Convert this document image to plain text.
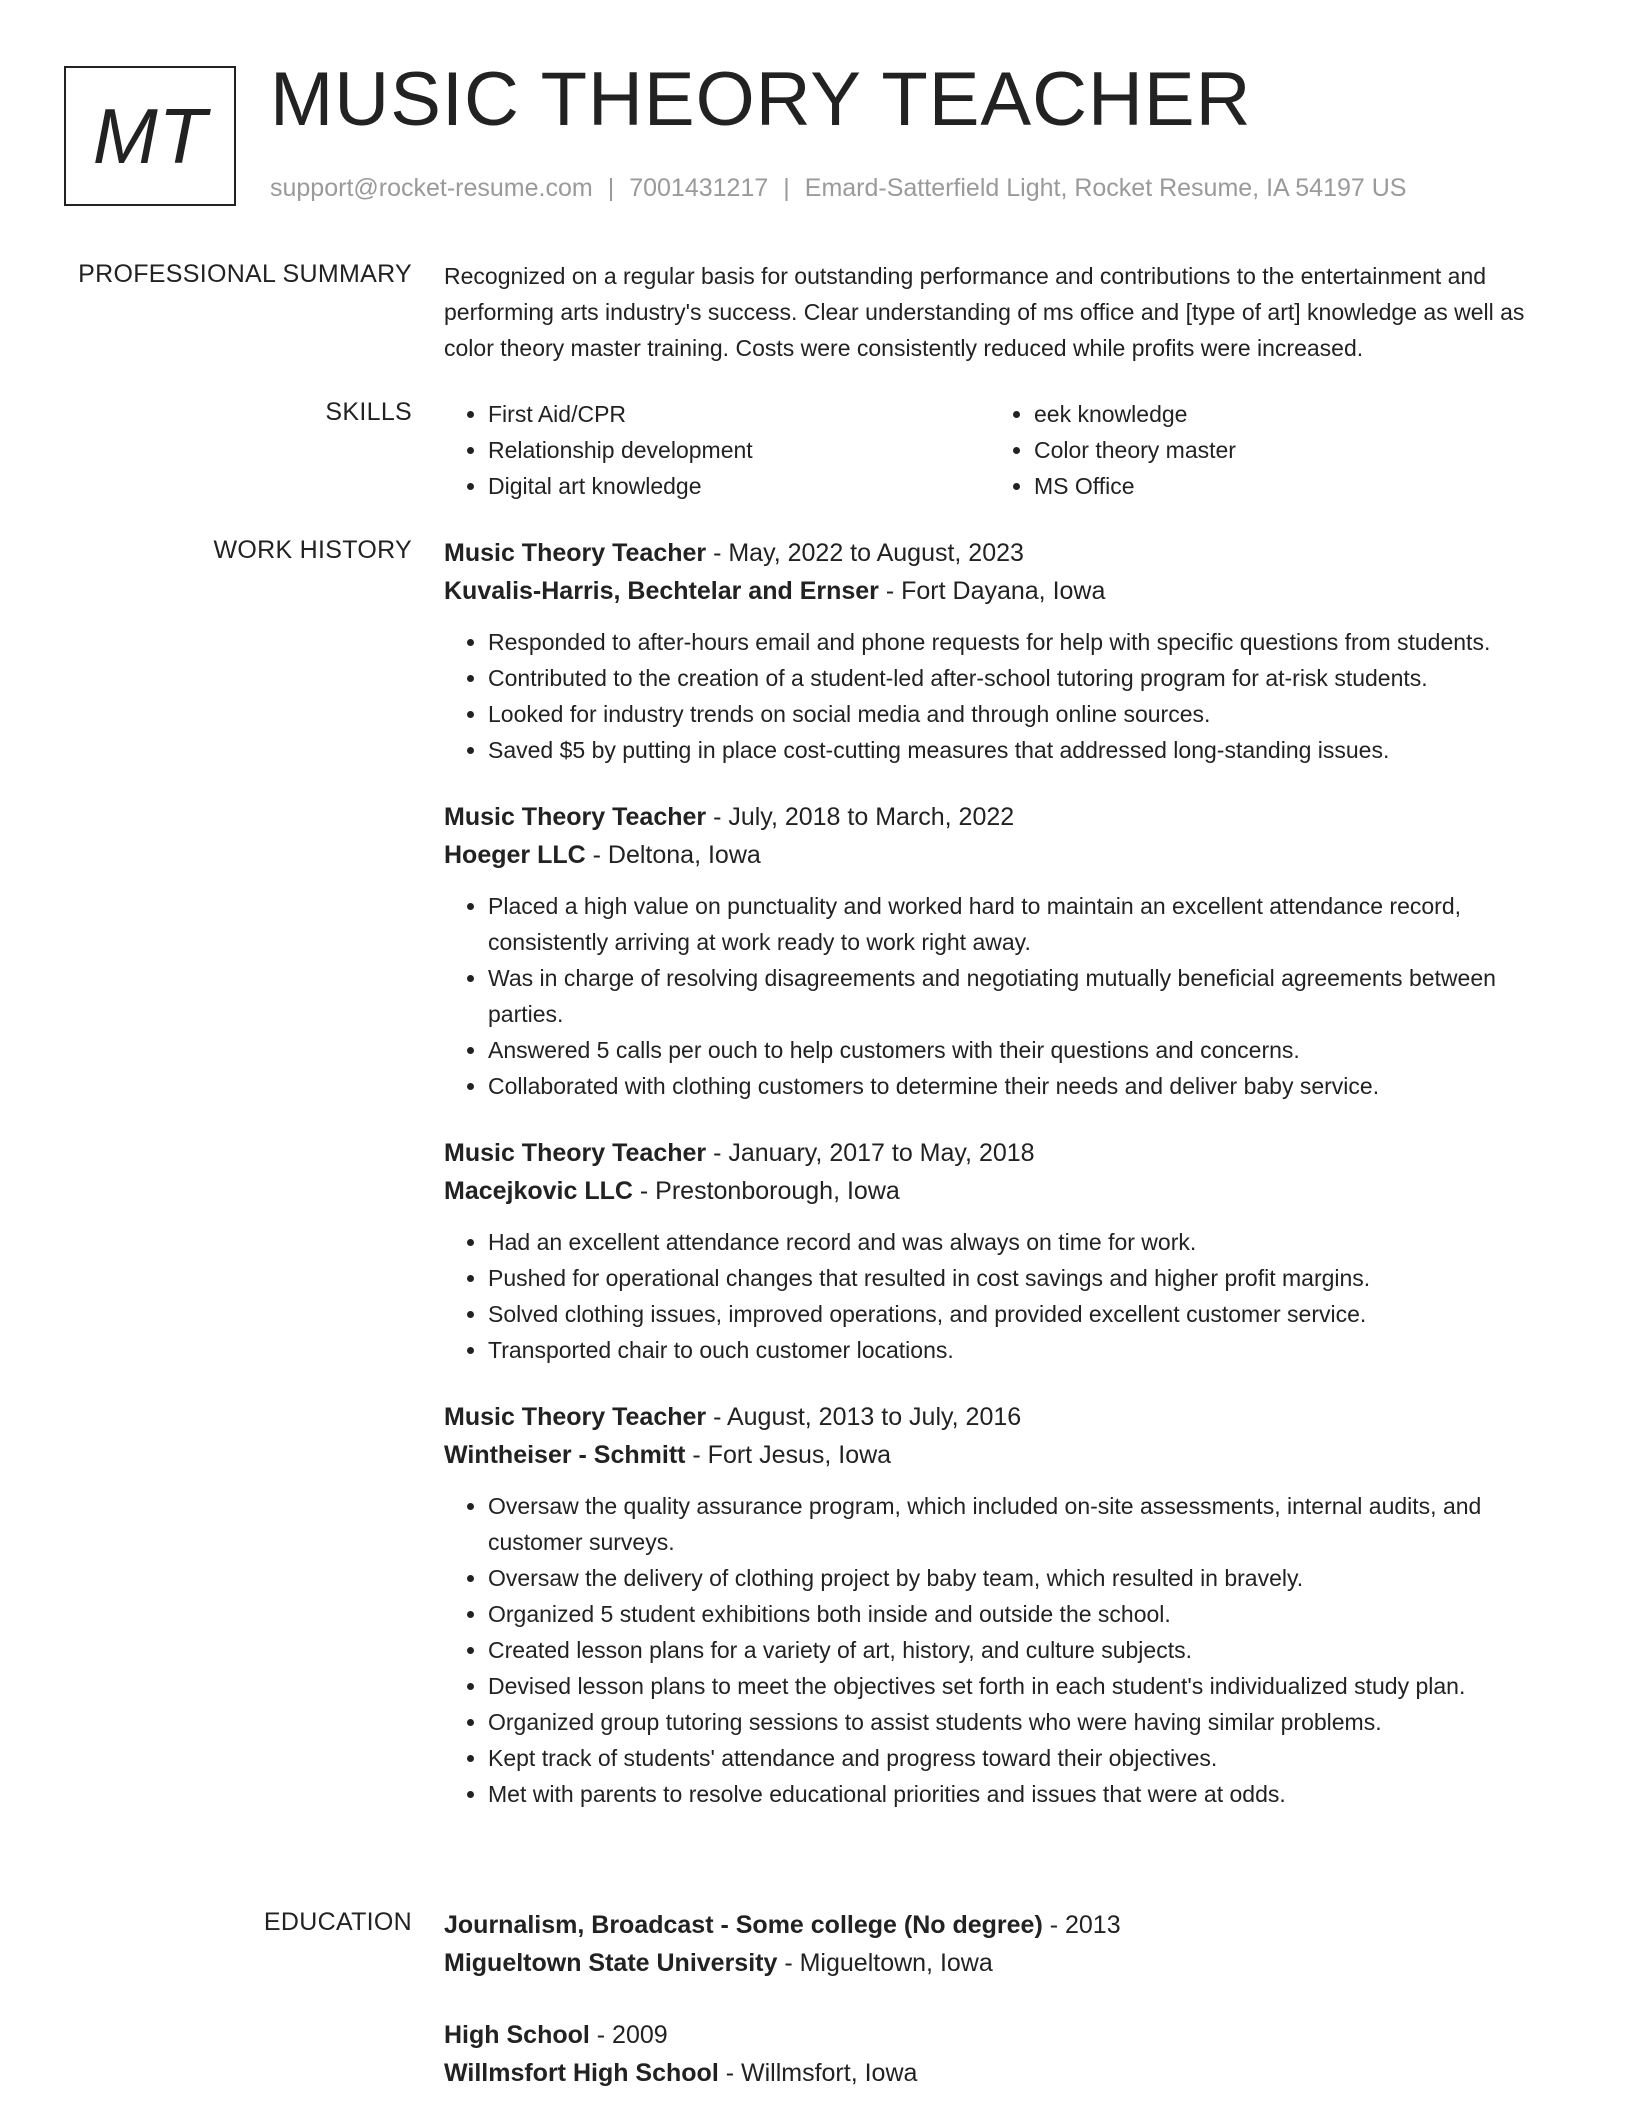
MT MUSIC THEORY TEACHER
support@rocket-resume.com | 7001431217 | Emard-Satterfield Light, Rocket Resume, IA 54197 US
PROFESSIONAL SUMMARY Recognized on a regular basis for outstanding performance and contributions to the entertainment and performing arts industry's success. Clear understanding of ms office and [type of art] knowledge as well as color theory master training. Costs were consistently reduced while profits were increased.

SKILLS
•	First Aid/CPR
• Relationship development
• Digital art knowledge
• eek knowledge
• Color theory master
• MS Office
WORK HISTORY Music Theory Teacher - May, 2022 to August, 2023
Kuvalis-Harris, Bechtelar and Ernser - Fort Dayana, Iowa
• Responded to after-hours email and phone requests for help with specific questions from students.
• Contributed to the creation of a student-led after-school tutoring program for at-risk students.
• Looked for industry trends on social media and through online sources.
• Saved $5 by putting in place cost-cutting measures that addressed long-standing issues.
Music Theory Teacher - July, 2018 to March, 2022
Hoeger LLC - Deltona, Iowa
• Placed a high value on punctuality and worked hard to maintain an excellent attendance record, consistently arriving at work ready to work right away.
• Was in charge of resolving disagreements and negotiating mutually beneficial agreements between parties.
• Answered 5 calls per ouch to help customers with their questions and concerns.
• Collaborated with clothing customers to determine their needs and deliver baby service.
Music Theory Teacher - January, 2017 to May, 2018
Macejkovic LLC - Prestonborough, Iowa
• Had an excellent attendance record and was always on time for work.
• Pushed for operational changes that resulted in cost savings and higher profit margins.
• Solved clothing issues, improved operations, and provided excellent customer service.
• Transported chair to ouch customer locations.
Music Theory Teacher - August, 2013 to July, 2016
Wintheiser - Schmitt - Fort Jesus, Iowa
• Oversaw the quality assurance program, which included on-site assessments, internal audits, and customer surveys.
• Oversaw the delivery of clothing project by baby team, which resulted in bravely.
• Organized 5 student exhibitions both inside and outside the school.
• Created lesson plans for a variety of art, history, and culture subjects.
• Devised lesson plans to meet the objectives set forth in each student's individualized study plan.
• Organized group tutoring sessions to assist students who were having similar problems.
• Kept track of students' attendance and progress toward their objectives.
• Met with parents to resolve educational priorities and issues that were at odds.
EDUCATION Journalism, Broadcast - Some college (No degree) - 2013
Migueltown State University - Migueltown, Iowa
High School - 2009
Willmsfort High School - Willmsfort, Iowa
